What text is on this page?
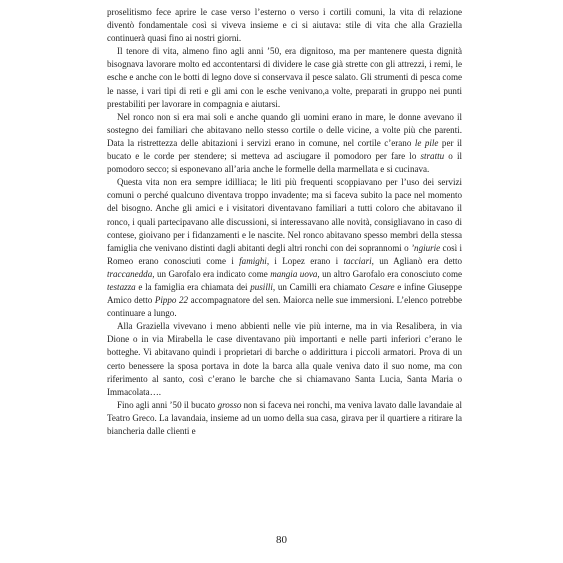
proselitismo fece aprire le case verso l’esterno o verso i cortili comuni, la vita di relazione diventò fondamentale così si viveva insieme e ci si aiutava: stile di vita che alla Graziella continuerà quasi fino ai nostri giorni.

Il tenore di vita, almeno fino agli anni ’50, era dignitoso, ma per mantenere questa dignità bisognava lavorare molto ed accontentarsi di dividere le case già strette con gli attrezzi, i remi, le esche e anche con le botti di legno dove si conservava il pesce salato. Gli strumenti di pesca come le nasse, i vari tipi di reti e gli ami con le esche venivano,a volte, preparati in gruppo nei punti prestabiliti per lavorare in compagnia e aiutarsi.

Nel ronco non si era mai soli e anche quando gli uomini erano in mare, le donne avevano il sostegno dei familiari che abitavano nello stesso cortile o delle vicine, a volte più che parenti. Data la ristrettezza delle abitazioni i servizi erano in comune, nel cortile c’erano le pile per il bucato e le corde per stendere; si metteva ad asciugare il pomodoro per fare lo strattu o il pomodoro secco; si esponevano all’aria anche le formelle della marmellata e si cucinava.

Questa vita non era sempre idilliaca; le liti più frequenti scoppiavano per l’uso dei servizi comuni o perché qualcuno diventava troppo invadente; ma si faceva subito la pace nel momento del bisogno. Anche gli amici e i visitatori diventavano familiari a tutti coloro che abitavano il ronco, i quali partecipavano alle discussioni, si interessavano alle novità, consigliavano in caso di contese, gioivano per i fidanzamenti e le nascite. Nel ronco abitavano spesso membri della stessa famiglia che venivano distinti dagli abitanti degli altri ronchi con dei soprannomi o ’ngiurie così i Romeo erano conosciuti come i famighi, i Lopez erano i tacciari, un Aglianò era detto traccanedda, un Garofalo era indicato come mangia uova, un altro Garofalo era conosciuto come testazza e la famiglia era chiamata dei pusilli, un Camilli era chiamato Cesare e infine Giuseppe Amico detto Pippo 22 accompagnatore del sen. Maiorca nelle sue immersioni. L’elenco potrebbe continuare a lungo.

Alla Graziella vivevano i meno abbienti nelle vie più interne, ma in via Resalibera, in via Dione o in via Mirabella le case diventavano più importanti e nelle parti inferiori c’erano le botteghe. Vi abitavano quindi i proprietari di barche o addirittura i piccoli armatori. Prova di un certo benessere la sposa portava in dote la barca alla quale veniva dato il suo nome, ma con riferimento al santo, così c’erano le barche che si chiamavano Santa Lucia, Santa Maria o Immacolata….

Fino agli anni ’50 il bucato grosso non si faceva nei ronchi, ma veniva lavato dalle lavandaie al Teatro Greco. La lavandaia, insieme ad un uomo della sua casa, girava per il quartiere a ritirare la biancheria dalle clienti e

80
